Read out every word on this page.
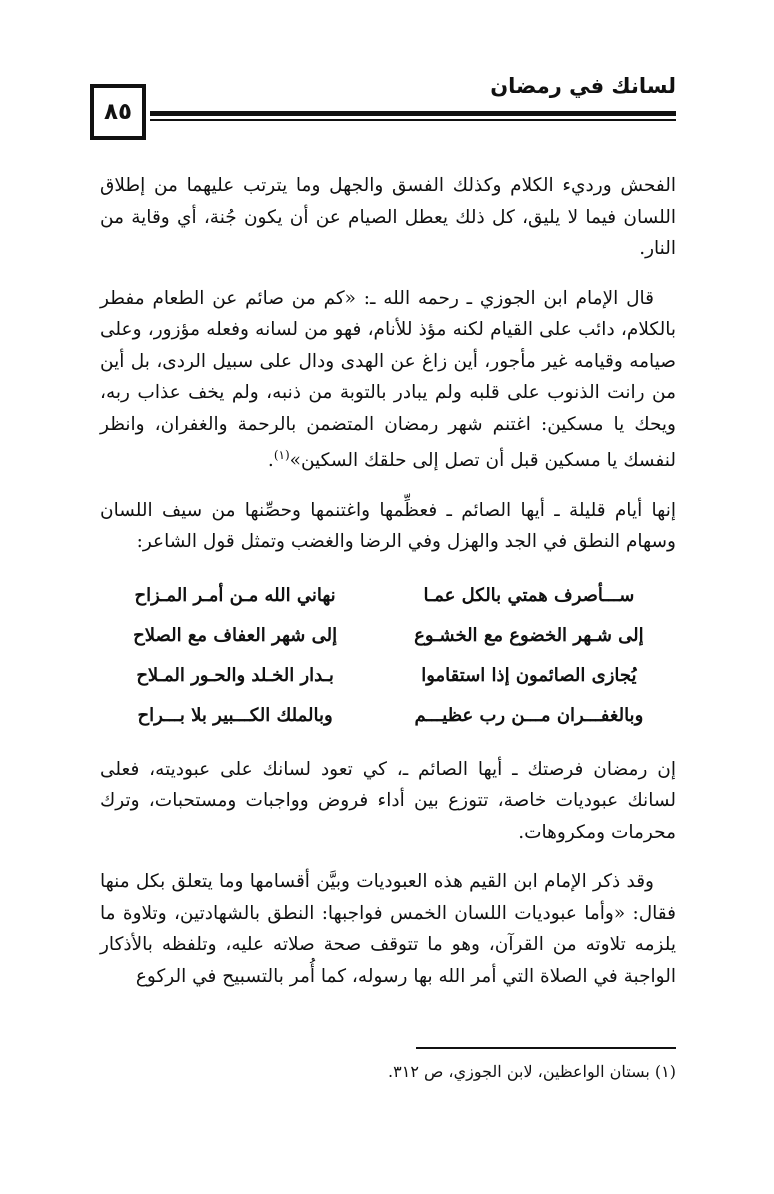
لسانك في رمضان
٨٥

الفحش ورديء الكلام وكذلك الفسق والجهل وما يترتب عليهما من إطلاق اللسان فيما لا يليق، كل ذلك يعطل الصيام عن أن يكون جُنة، أي وقاية من النار.

قال الإمام ابن الجوزي ـ رحمه الله ـ: «كم من صائم عن الطعام مفطر بالكلام، دائب على القيام لكنه مؤذ للأنام، فهو من لسانه وفعله مؤزور، وعلى صيامه وقيامه غير مأجور، أين زاغ عن الهدى ودال على سبيل الردى، بل أين من رانت الذنوب على قلبه ولم يبادر بالتوبة من ذنبه، ولم يخف عذاب ربه، ويحك يا مسكين: اغتنم شهر رمضان المتضمن بالرحمة والغفران، وانظر لنفسك يا مسكين قبل أن تصل إلى حلقك السكين»$^{(١)}$.

إنها أيام قليلة ـ أيها الصائم ـ فعظِّمها واغتنمها وحصِّنها من سيف اللسان وسهام النطق في الجد والهزل وفي الرضا والغضب وتمثل قول الشاعر:

ســـأصرف همتي بالكل عمـا
نهاني الله مـن أمـر المـزاح
إلى شـهر الخضوع مع الخشـوع
إلى شهر العفاف مع الصلاح
يُجازى الصائمون إذا استقاموا
بـدار الخـلد والحـور المـلاح
وبالغفـــران مـــن رب عظيـــم
وبالملك الكـــبير بلا بـــراح

إن رمضان فرصتك ـ أيها الصائم ـ، كي تعود لسانك على عبوديته، فعلى لسانك عبوديات خاصة، تتوزع بين أداء فروض وواجبات ومستحبات، وترك محرمات ومكروهات.

وقد ذكر الإمام ابن القيم هذه العبوديات وبيَّن أقسامها وما يتعلق بكل منها فقال: «وأما عبوديات اللسان الخمس فواجبها: النطق بالشهادتين، وتلاوة ما يلزمه تلاوته من القرآن، وهو ما تتوقف صحة صلاته عليه، وتلفظه بالأذكار الواجبة في الصلاة التي أمر الله بها رسوله، كما أُمر بالتسبيح في الركوع

(١) بستان الواعظين، لابن الجوزي، ص ٣١٢.
